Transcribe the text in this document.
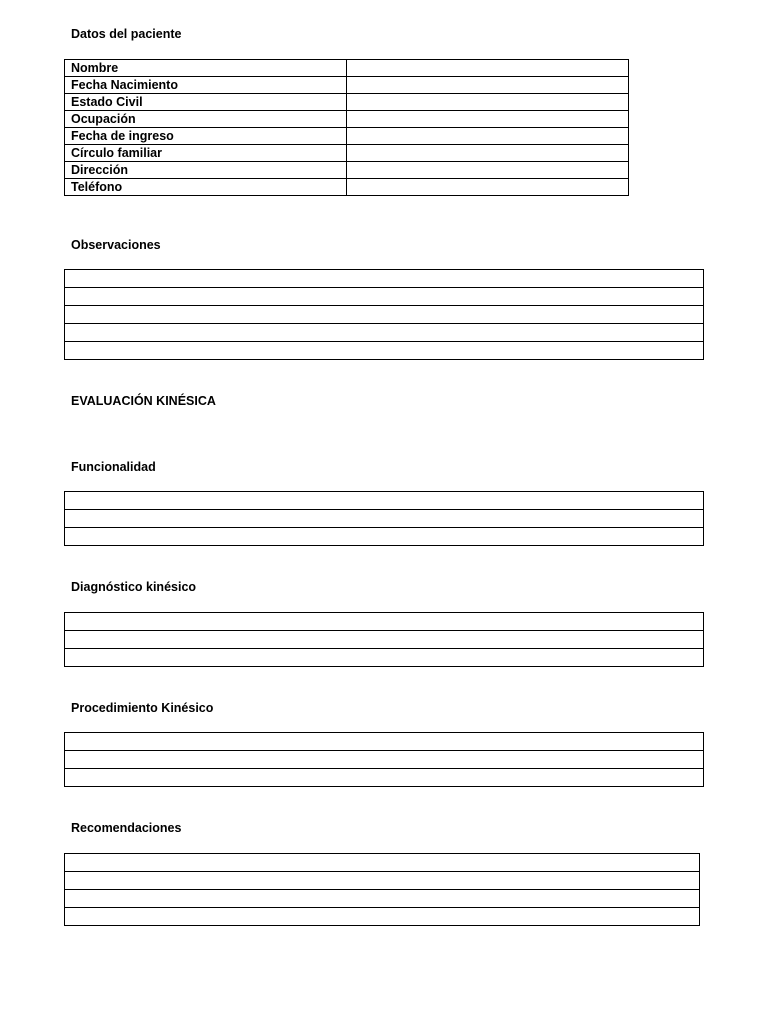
Datos del paciente
Nombre	
Fecha Nacimiento	
Estado Civil	
Ocupación	
Fecha de ingreso	
Círculo familiar	
Dirección	
Teléfono	
Observaciones
EVALUACIÓN KINÉSICA
Funcionalidad
Diagnóstico kinésico
Procedimiento Kinésico
Recomendaciones
